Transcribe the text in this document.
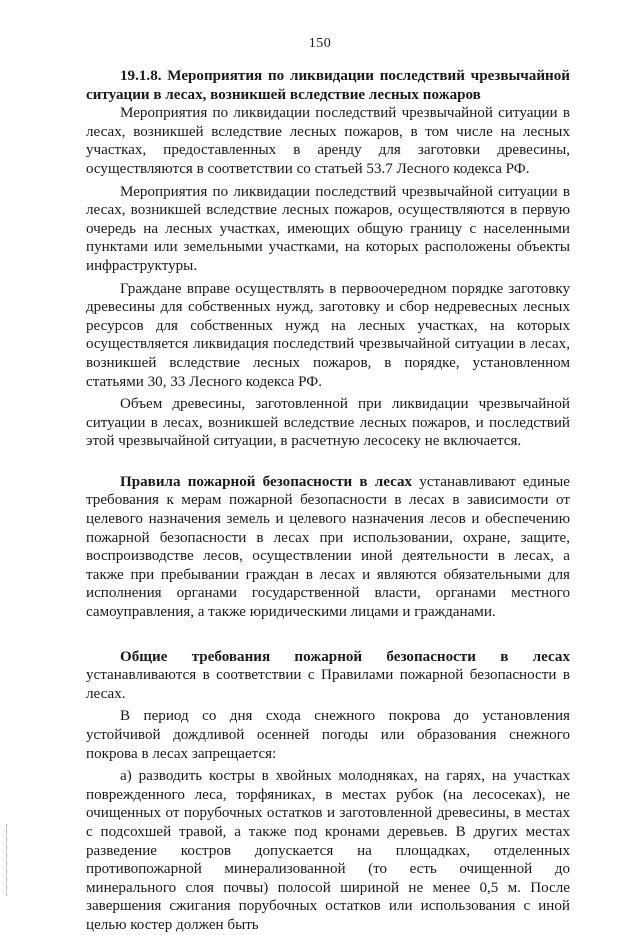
150

19.1.8. Мероприятия по ликвидации последствий чрезвычайной ситуации в лесах, возникшей вследствие лесных пожаров

Мероприятия по ликвидации последствий чрезвычайной ситуации в лесах, возникшей вследствие лесных пожаров, в том числе на лесных участках, предоставленных в аренду для заготовки древесины, осуществляются в соответствии со статьей 53.7 Лесного кодекса РФ.

Мероприятия по ликвидации последствий чрезвычайной ситуации в лесах, возникшей вследствие лесных пожаров, осуществляются в первую очередь на лесных участках, имеющих общую границу с населенными пунктами или земельными участками, на которых расположены объекты инфраструктуры.

Граждане вправе осуществлять в первоочередном порядке заготовку древесины для собственных нужд, заготовку и сбор недревесных лесных ресурсов для собственных нужд на лесных участках, на которых осуществляется ликвидация последствий чрезвычайной ситуации в лесах, возникшей вследствие лесных пожаров, в порядке, установленном статьями 30, 33 Лесного кодекса РФ.

Объем древесины, заготовленной при ликвидации чрезвычайной ситуации в лесах, возникшей вследствие лесных пожаров, и последствий этой чрезвычайной ситуации, в расчетную лесосеку не включается.

Правила пожарной безопасности в лесах устанавливают единые требования к мерам пожарной безопасности в лесах в зависимости от целевого назначения земель и целевого назначения лесов и обеспечению пожарной безопасности в лесах при использовании, охране, защите, воспроизводстве лесов, осуществлении иной деятельности в лесах, а также при пребывании граждан в лесах и являются обязательными для исполнения органами государственной власти, органами местного самоуправления, а также юридическими лицами и гражданами.

Общие требования пожарной безопасности в лесах устанавливаются в соответствии с Правилами пожарной безопасности в лесах.

В период со дня схода снежного покрова до установления устойчивой дождливой осенней погоды или образования снежного покрова в лесах запрещается:

а) разводить костры в хвойных молодняках, на гарях, на участках поврежденного леса, торфяниках, в местах рубок (на лесосеках), не очищенных от порубочных остатков и заготовленной древесины, в местах с подсохшей травой, а также под кронами деревьев. В других местах разведение костров допускается на площадках, отделенных противопожарной минерализованной (то есть очищенной до минерального слоя почвы) полосой шириной не менее 0,5 м. После завершения сжигания порубочных остатков или использования с иной целью костер должен быть
